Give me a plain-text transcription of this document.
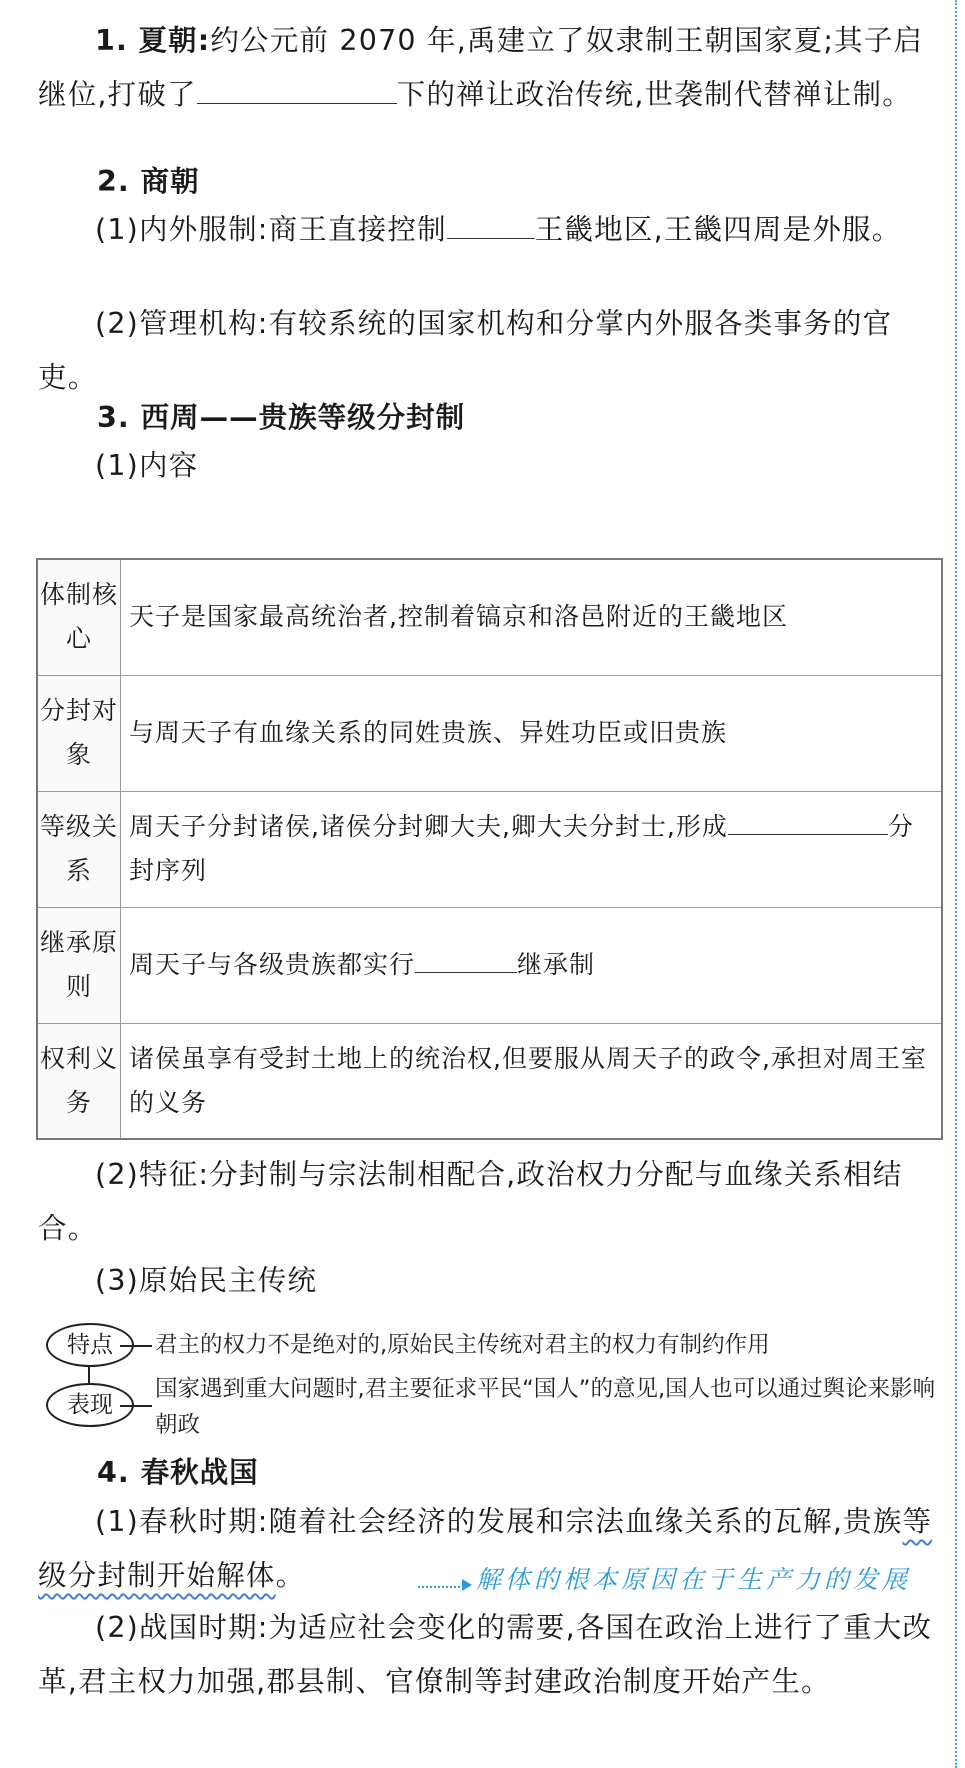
1. 夏朝:约公元前 2070 年,禹建立了奴隶制王朝国家夏;其子启继位,打破了	下的禅让政治传统,世袭制代替禅让制。

2. 商朝

(1)内外服制:商王直接控制	王畿地区,王畿四周是外服。

(2)管理机构:有较系统的国家机构和分掌内外服各类事务的官吏。

3. 西周——贵族等级分封制

(1)内容

体制核心	天子是国家最高统治者,控制着镐京和洛邑附近的王畿地区
分封对象	与周天子有血缘关系的同姓贵族、异姓功臣或旧贵族
等级关系	周天子分封诸侯,诸侯分封卿大夫,卿大夫分封士,形成 分封序列
继承原则	周天子与各级贵族都实行 继承制
权利义务	诸侯虽享有受封土地上的统治权,但要服从周天子的政令,承担对周王室的义务

(2)特征:分封制与宗法制相配合,政治权力分配与血缘关系相结合。

(3)原始民主传统

特点	君主的权力不是绝对的,原始民主传统对君主的权力有制约作用
表现
国家遇到重大问题时,君主要征求平民“国人”的意见,国人也可以通过舆论来影响朝政

4. 春秋战国

(1)春秋时期:随着社会经济的发展和宗法血缘关系的瓦解,贵族等级分封制开始解体。	解体的根本原因在于生产力的发展

(2)战国时期:为适应社会变化的需要,各国在政治上进行了重大改革,君主权力加强,郡县制、官僚制等封建政治制度开始产生。
